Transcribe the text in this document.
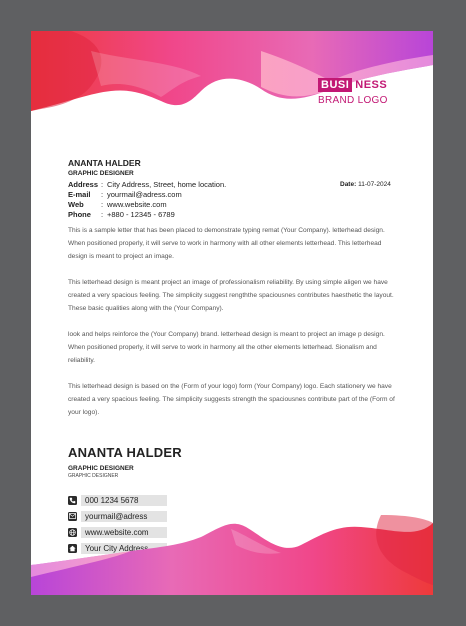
BUSI NESS
BRAND LOGO
ANANTA HALDER
GRAPHIC DESIGNER
Address : City Address, Street, home location.
E-mail	: yourmail@adress.com
Web	: www.website.com
Phone	: +880 - 12345 - 6789
Date: 11-07-2024

This is a sample letter that has been placed to demonstrate typing remat (Your Company). letterhead design. When positioned properly, it will serve to work in harmony with all other elements letterhead. This letterhead design is meant to project an image.

This letterhead design is meant project an image of professionalism reliability. By using simple aligen we have created a very spacious feeling. The simplicity suggest rengththe spaciousnes contributes haesthetic the layout. These basic qualities along with the (Your Company).

look and helps reinforce the (Your Company) brand. letterhead design is meant to project an image p design. When positioned properly, it will serve to work in harmony all the other elements letterhead. Sionalism and reliability.

This letterhead design is based on the (Form of your logo) form (Your Company) logo. Each stationery we have created a very spacious feeling. The simplicity suggests strength the spaciousnes contribute part of the (Form of your logo).

ANANTA HALDER
GRAPHIC DESIGNER
GRAPHIC DESIGNER
000 1234 5678
yourmail@adress
www.website.com
Your City Address
